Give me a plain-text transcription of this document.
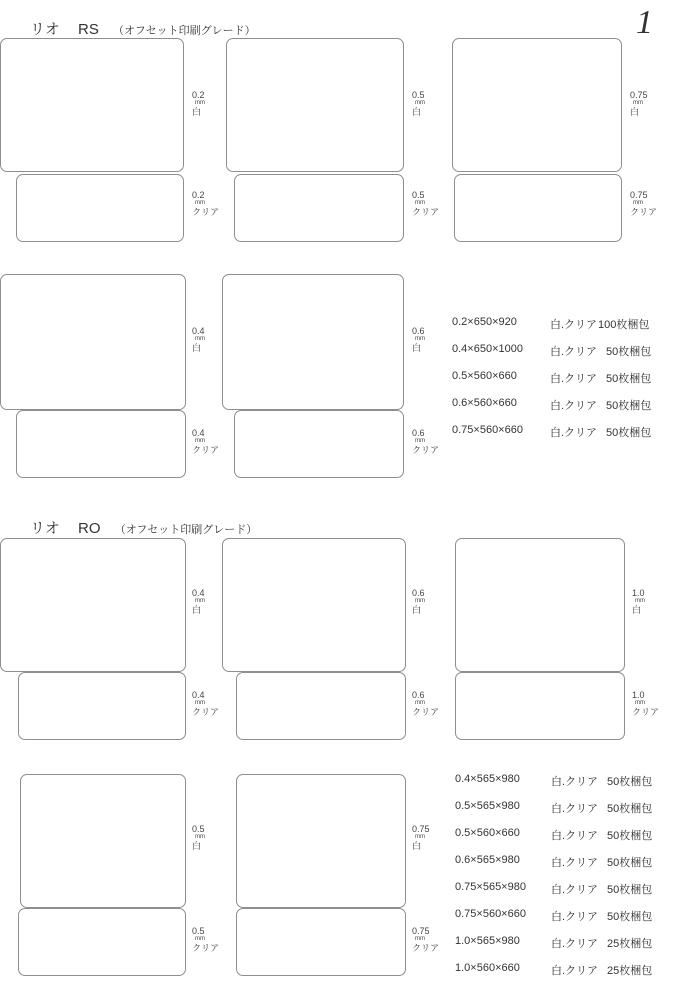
リオ RS （オフセット印刷グレード）	1
0.2
mm
白
0.5
mm
白
0.75
mm
白
0.2
mm
クリア
0.5
mm
クリア
0.75
mm
クリア
0.4
mm
白
0.6
mm
白
0.4
mm
クリア
0.6
mm
クリア
0.2×650×920	白.クリア 100枚梱包
0.4×650×1000 白.クリア 50枚梱包
0.5×560×660	白.クリア 50枚梱包
0.6×560×660	白.クリア 50枚梱包
0.75×560×660 白.クリア 50枚梱包
リオ RO （オフセット印刷グレード）
0.4
mm
白
0.6
mm
白
1.0
mm
白
0.4
mm
クリア
0.6
mm
クリア
1.0
mm
クリア
0.5
mm
白
0.75
mm
白
0.5
mm
クリア
0.75
mm
クリア
0.4×565×980	白.クリア 50枚梱包
0.5×565×980	白.クリア 50枚梱包
0.5×560×660	白.クリア 50枚梱包
0.6×565×980	白.クリア 50枚梱包
0.75×565×980 白.クリア 50枚梱包
0.75×560×660 白.クリア 50枚梱包
1.0×565×980	白.クリア 25枚梱包
1.0×560×660	白.クリア 25枚梱包
